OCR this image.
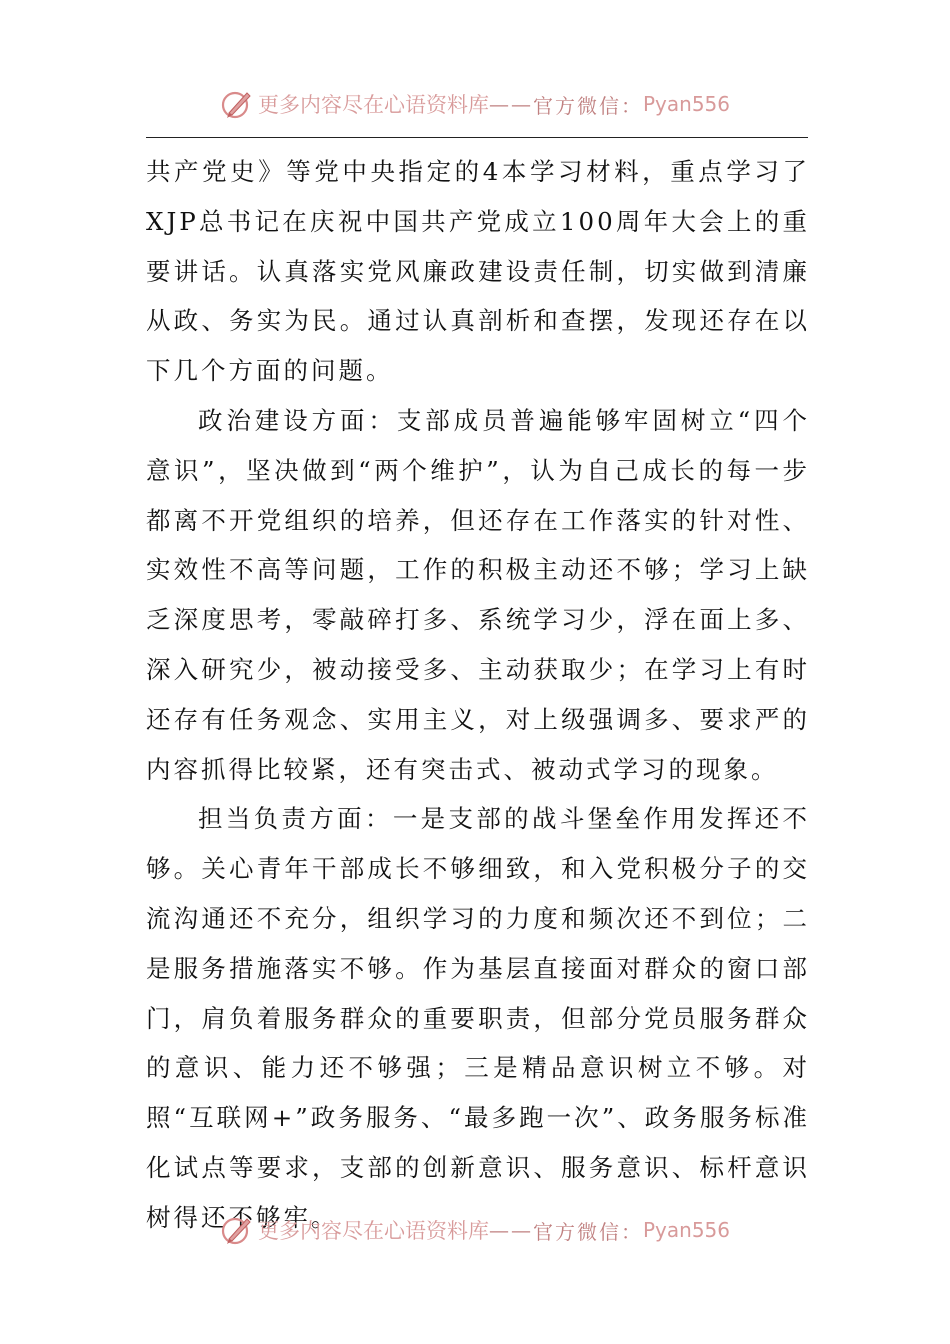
更多内容尽在心语资料库 —— 官方微信： Pyan556

共产党史》等党中央指定的4本学习材料，重点学习了XJP总书记在庆祝中国共产党成立100周年大会上的重要讲话。认真落实党风廉政建设责任制，切实做到清廉从政、务实为民。通过认真剖析和查摆，发现还存在以下几个方面的问题。

政治建设方面：支部成员普遍能够牢固树立“四个意识”，坚决做到“两个维护”，认为自己成长的每一步都离不开党组织的培养，但还存在工作落实的针对性、实效性不高等问题，工作的积极主动还不够；学习上缺乏深度思考，零敲碎打多、系统学习少，浮在面上多、深入研究少，被动接受多、主动获取少；在学习上有时还存有任务观念、实用主义，对上级强调多、要求严的内容抓得比较紧，还有突击式、被动式学习的现象。

担当负责方面：一是支部的战斗堡垒作用发挥还不够。关心青年干部成长不够细致，和入党积极分子的交流沟通还不充分，组织学习的力度和频次还不到位；二是服务措施落实不够。作为基层直接面对群众的窗口部门，肩负着服务群众的重要职责，但部分党员服务群众的意识、能力还不够强；三是精品意识树立不够。对照“互联网+”政务服务、“最多跑一次”、政务服务标准化试点等要求，支部的创新意识、服务意识、标杆意识树得还不够牢。

更多内容尽在心语资料库 —— 官方微信： Pyan556
